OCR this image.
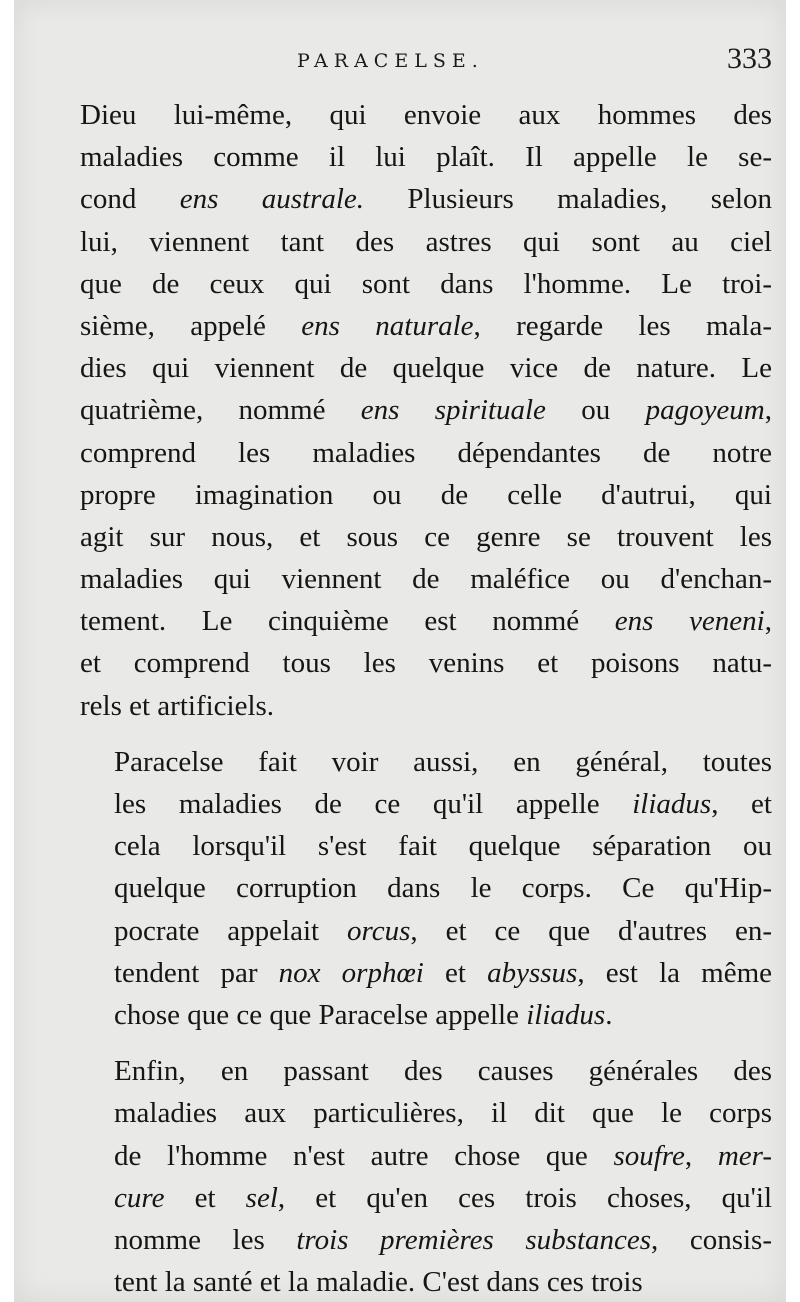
PARACELSE.	333

Dieu lui-même, qui envoie aux hommes des
maladies comme il lui plaît. Il appelle le se-
cond ens australe. Plusieurs maladies, selon
lui, viennent tant des astres qui sont au ciel
que de ceux qui sont dans l'homme. Le troi-
sième, appelé ens naturale, regarde les mala-
dies qui viennent de quelque vice de nature. Le
quatrième, nommé ens spirituale ou pagoyeum,
comprend les maladies dépendantes de notre
propre imagination ou de celle d'autrui, qui
agit sur nous, et sous ce genre se trouvent les
maladies qui viennent de maléfice ou d'enchan-
tement. Le cinquième est nommé ens veneni,
et comprend tous les venins et poisons natu-
rels et artificiels.

Paracelse fait voir aussi, en général, toutes
les maladies de ce qu'il appelle iliadus, et
cela lorsqu'il s'est fait quelque séparation ou
quelque corruption dans le corps. Ce qu'Hip-
pocrate appelait orcus, et ce que d'autres en-
tendent par nox orphœi et abyssus, est la même
chose que ce que Paracelse appelle iliadus.

Enfin, en passant des causes générales des
maladies aux particulières, il dit que le corps
de l'homme n'est autre chose que soufre, mer-
cure et sel, et qu'en ces trois choses, qu'il
nomme les trois premières substances, consis-
tent la santé et la maladie. C'est dans ces trois
